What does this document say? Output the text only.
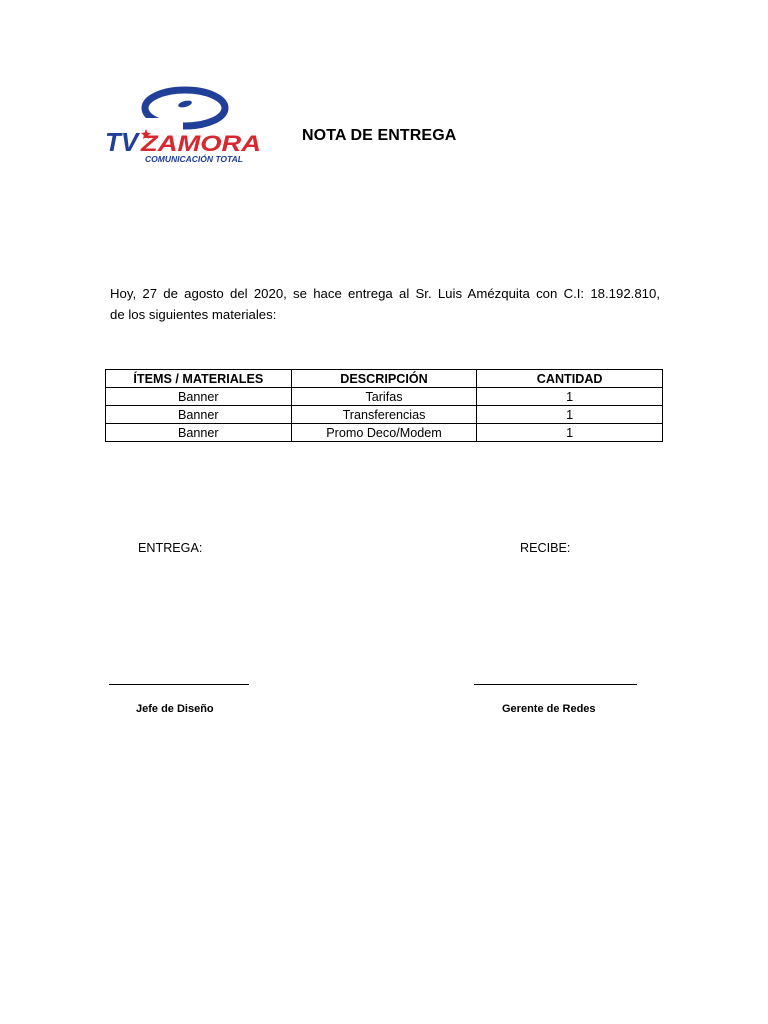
TV ZAMORA
COMUNICACIÓN TOTAL
NOTA DE ENTREGA
Hoy, 27 de agosto del 2020, se hace entrega al Sr. Luis Amézquita con C.I: 18.192.810,
de los siguientes materiales:
ÍTEMS / MATERIALES	DESCRIPCIÓN	CANTIDAD
Banner	Tarifas	1
Banner	Transferencias	1
Banner	Promo Deco/Modem	1
ENTREGA:	RECIBE:
Jefe de Diseño	Gerente de Redes
